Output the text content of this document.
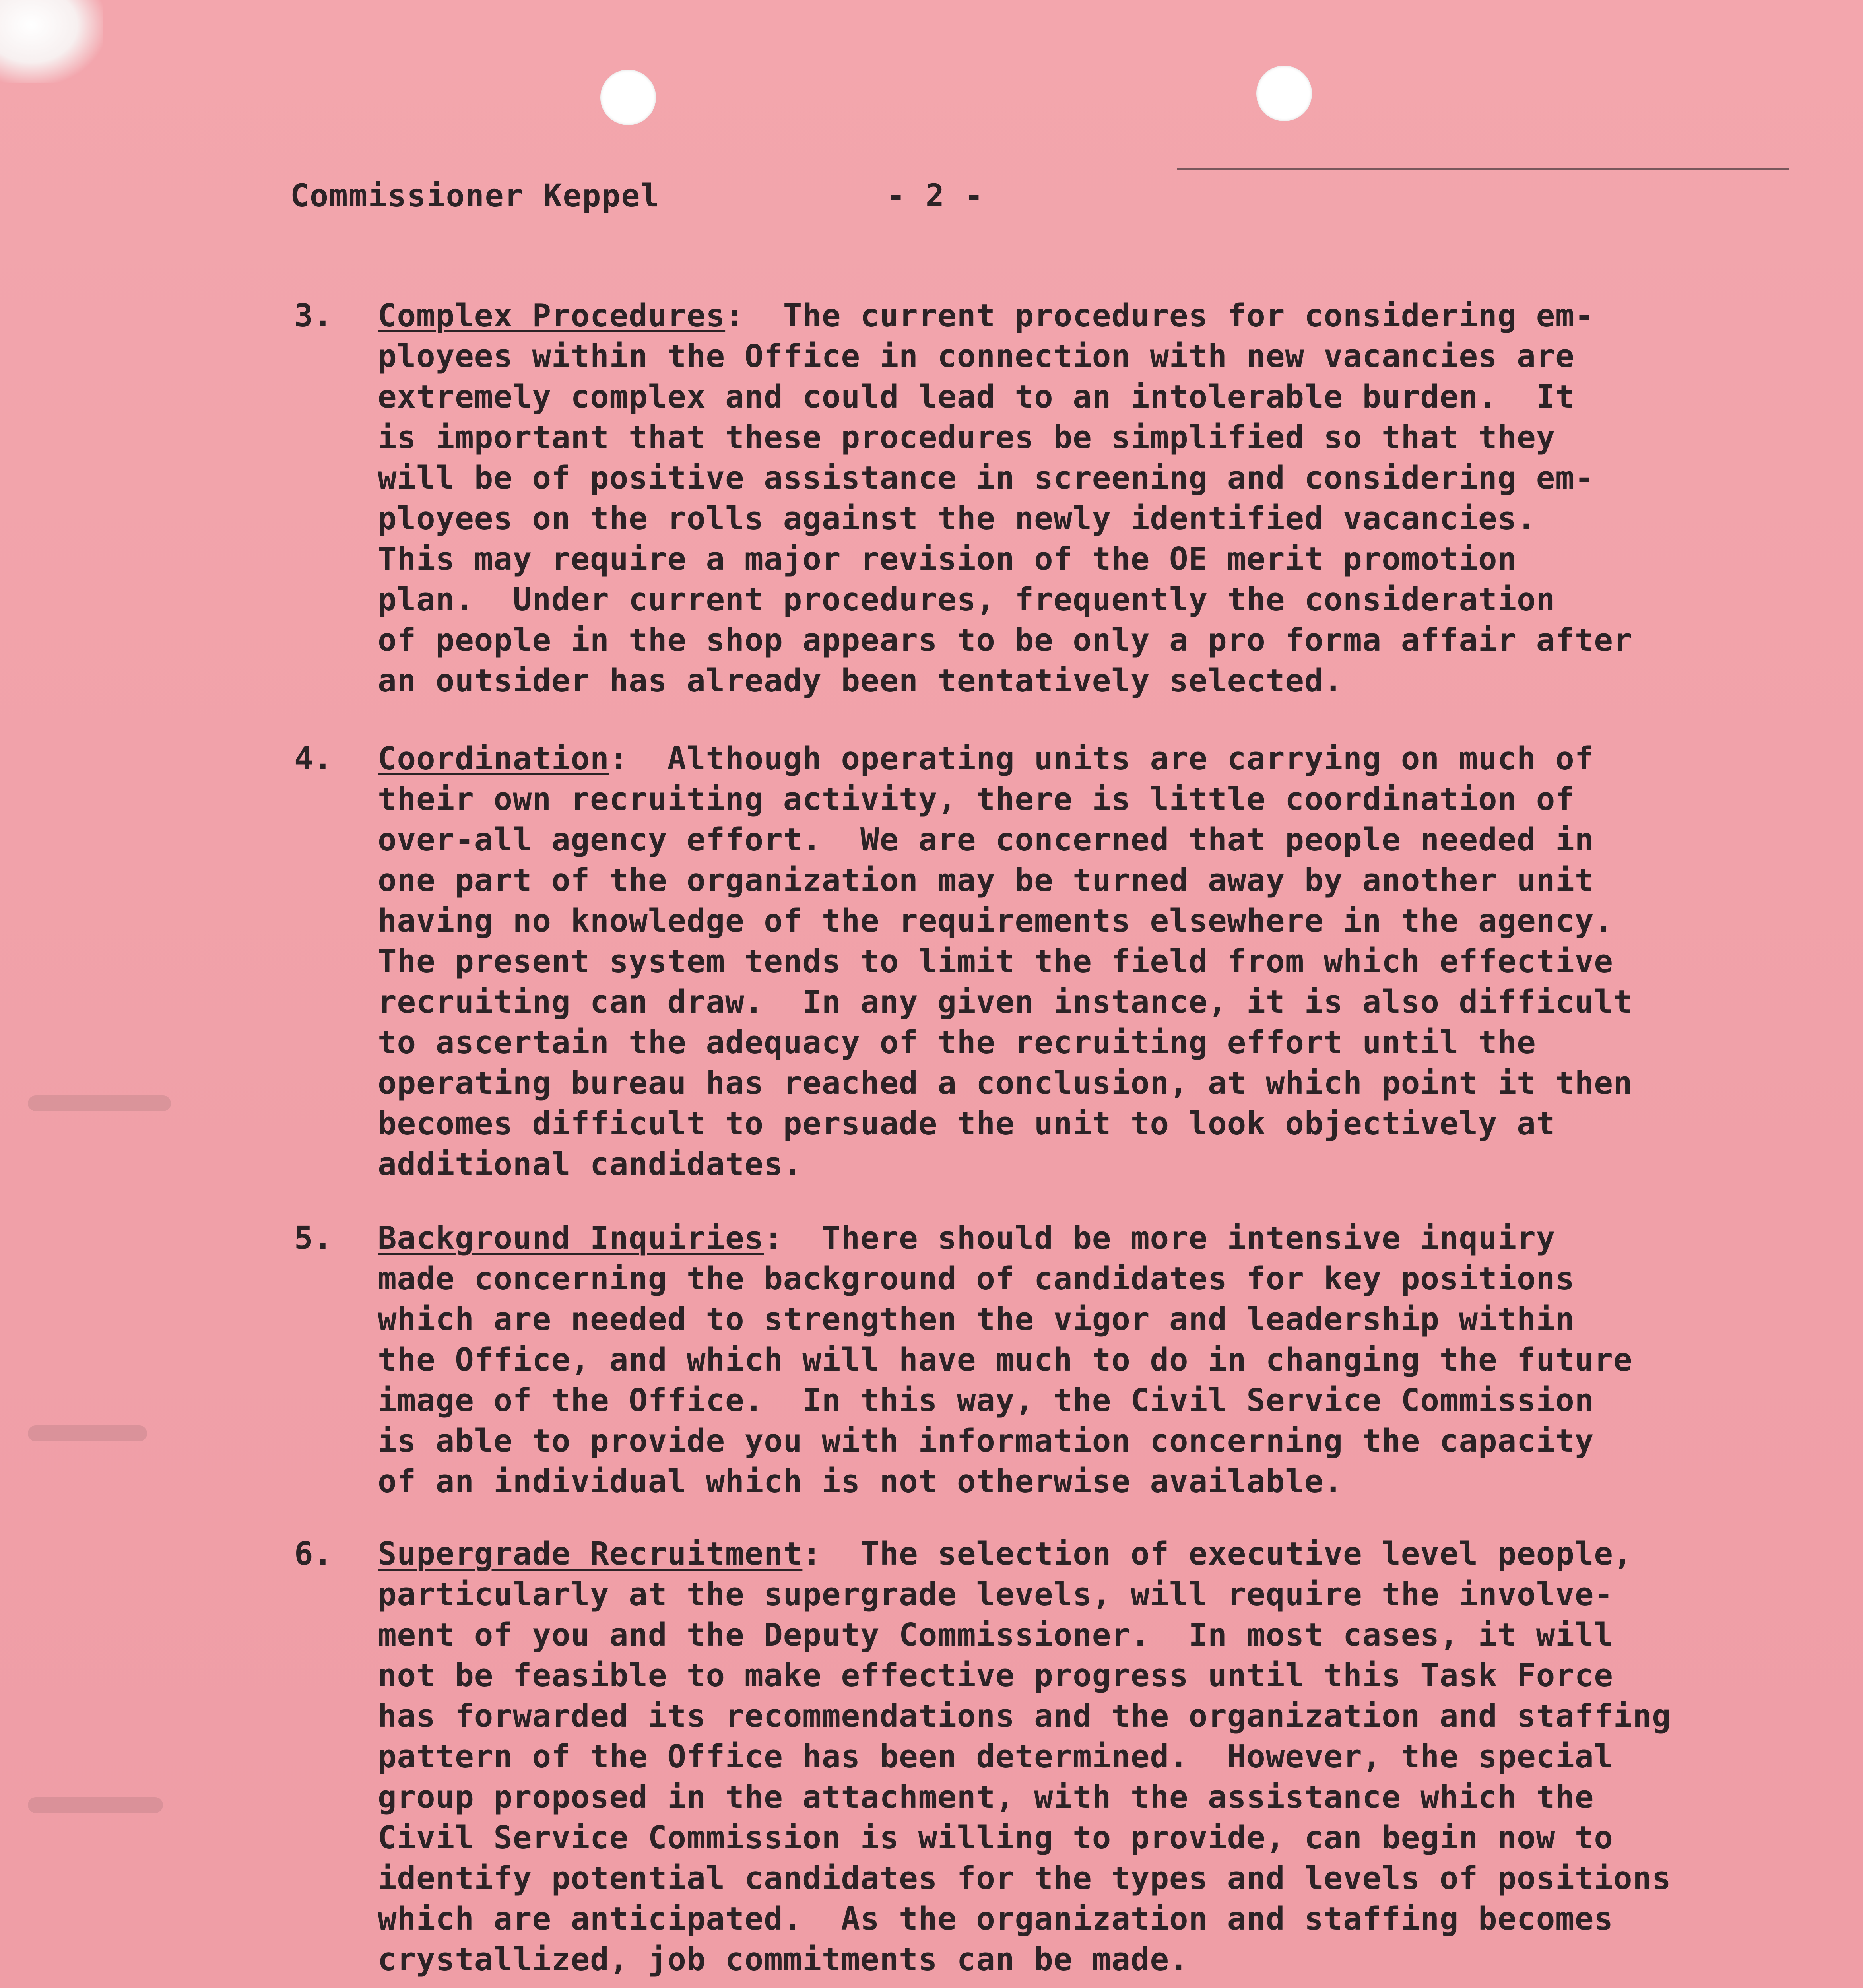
Commissioner Keppel	- 2 -
3. Complex Procedures:  The current procedures for considering em-
ployees within the Office in connection with new vacancies are
extremely complex and could lead to an intolerable burden.  It
is important that these procedures be simplified so that they
will be of positive assistance in screening and considering em-
ployees on the rolls against the newly identified vacancies.
This may require a major revision of the OE merit promotion
plan.  Under current procedures, frequently the consideration
of people in the shop appears to be only a pro forma affair after
an outsider has already been tentatively selected.
4. Coordination:  Although operating units are carrying on much of
their own recruiting activity, there is little coordination of
over-all agency effort.  We are concerned that people needed in
one part of the organization may be turned away by another unit
having no knowledge of the requirements elsewhere in the agency.
The present system tends to limit the field from which effective
recruiting can draw.  In any given instance, it is also difficult
to ascertain the adequacy of the recruiting effort until the
operating bureau has reached a conclusion, at which point it then
becomes difficult to persuade the unit to look objectively at
additional candidates.
5. Background Inquiries:  There should be more intensive inquiry
made concerning the background of candidates for key positions
which are needed to strengthen the vigor and leadership within
the Office, and which will have much to do in changing the future
image of the Office.  In this way, the Civil Service Commission
is able to provide you with information concerning the capacity
of an individual which is not otherwise available.
6. Supergrade Recruitment:  The selection of executive level people,
particularly at the supergrade levels, will require the involve-
ment of you and the Deputy Commissioner.  In most cases, it will
not be feasible to make effective progress until this Task Force
has forwarded its recommendations and the organization and staffing
pattern of the Office has been determined.  However, the special
group proposed in the attachment, with the assistance which the
Civil Service Commission is willing to provide, can begin now to
identify potential candidates for the types and levels of positions
which are anticipated.  As the organization and staffing becomes
crystallized, job commitments can be made.
